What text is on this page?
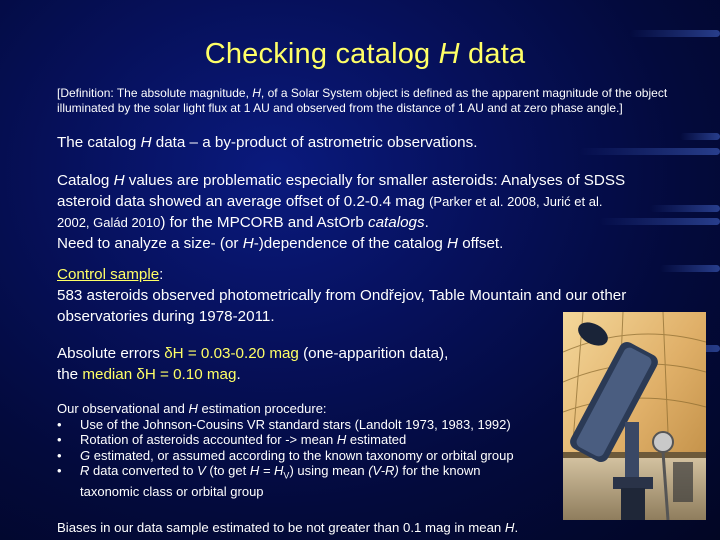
Checking catalog H data
[Definition: The absolute magnitude, H, of a Solar System object is defined as the apparent magnitude of the object illuminated by the solar light flux at 1 AU and observed from the distance of 1 AU and at zero phase angle.]
The catalog H data – a by-product of astrometric observations.
Catalog H values are problematic especially for smaller asteroids: Analyses of SDSS
asteroid data showed an average offset of 0.2-0.4 mag (Parker et al. 2008, Jurić et al.
2002, Galád 2010) for the MPCORB and AstOrb catalogs.
Need to analyze a size- (or H-)dependence of the catalog H offset.
Control sample:
583 asteroids observed photometrically from Ondřejov, Table Mountain and our other
observatories during 1978-2011.
Absolute errors δH = 0.03-0.20 mag (one-apparition data),
the median δH = 0.10 mag.
Our observational and H estimation procedure:
•	Use of the Johnson-Cousins VR standard stars (Landolt 1973, 1983, 1992)
•	Rotation of asteroids accounted for -> mean H estimated
•	G estimated, or assumed according to the known taxonomy or orbital group
•	R data converted to V (to get $H = H_V$) using mean (V-R) for the known
taxonomic class or orbital group
Biases in our data sample estimated to be not greater than 0.1 mag in mean H.
